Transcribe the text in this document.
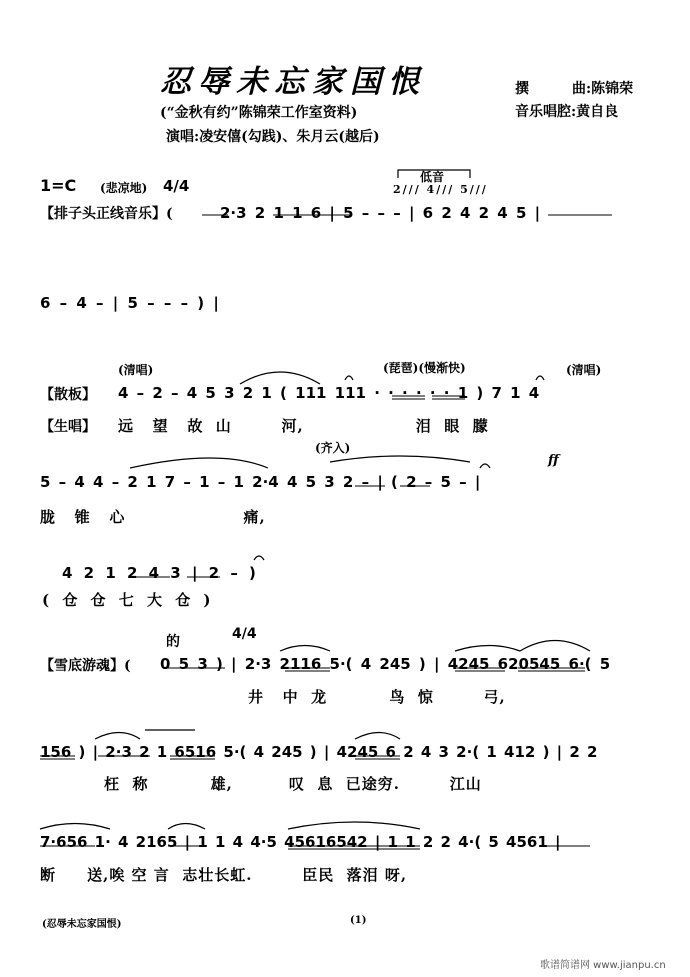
忍辱未忘家国恨
(“金秋有约”陈锦荣工作室资料)
演唱:凌安僖(勾践)、朱月云(越后)
撰	曲:陈锦荣
音乐唱腔:黄自良
1=C (悲凉地) 4/4	低音
2/// 4/// 5///
【排子头正线音乐】(	2·3 2 1 1 6 | 5 – – – | 6 2 4 2 4 5 |
6 – 4 – | 5 – – – ) |
(清唱)	(琵琶)(慢渐快)	(清唱)
【散板】 4 – 2 – 4 5 3 2 1 ( 111 111 · · · · · · 1 ) 7 1 4
【生唱】 远   望   故  山        河,                  泪  眼  朦
(齐入)
ff
5 – 4 4 – 2 1 7 – 1 – 1 2·4 4 5 3 2 – | ( 2 – 5 – |
胧   锥   心                   痛,
4 2 1 2 4 3 | 2 – )
( 仓 仓 七 大 仓 )
的	4/4
【雪底游魂】( 0 5 3 ) | 2·3 2116 5·( 4 245 ) | 4245 620545 6·( 5
井   中  龙          鸟  惊        弓,
156 ) | 2·3 2 1 6516 5·( 4 245 ) | 4245 6 2 4 3 2·( 1 412 ) | 2 2
枉  称          雄,         叹  息  已途穷.        江山
7·656 1· 4 2165 | 1 1 4 4·5 45616542 | 1 1 2 2 4·( 5 4561 |
断     送,唉 空 言  志壮长虹.        臣民  落泪 呀,
(忍辱未忘家国恨)	(1)
歌谱简谱网 www.jianpu.cn
